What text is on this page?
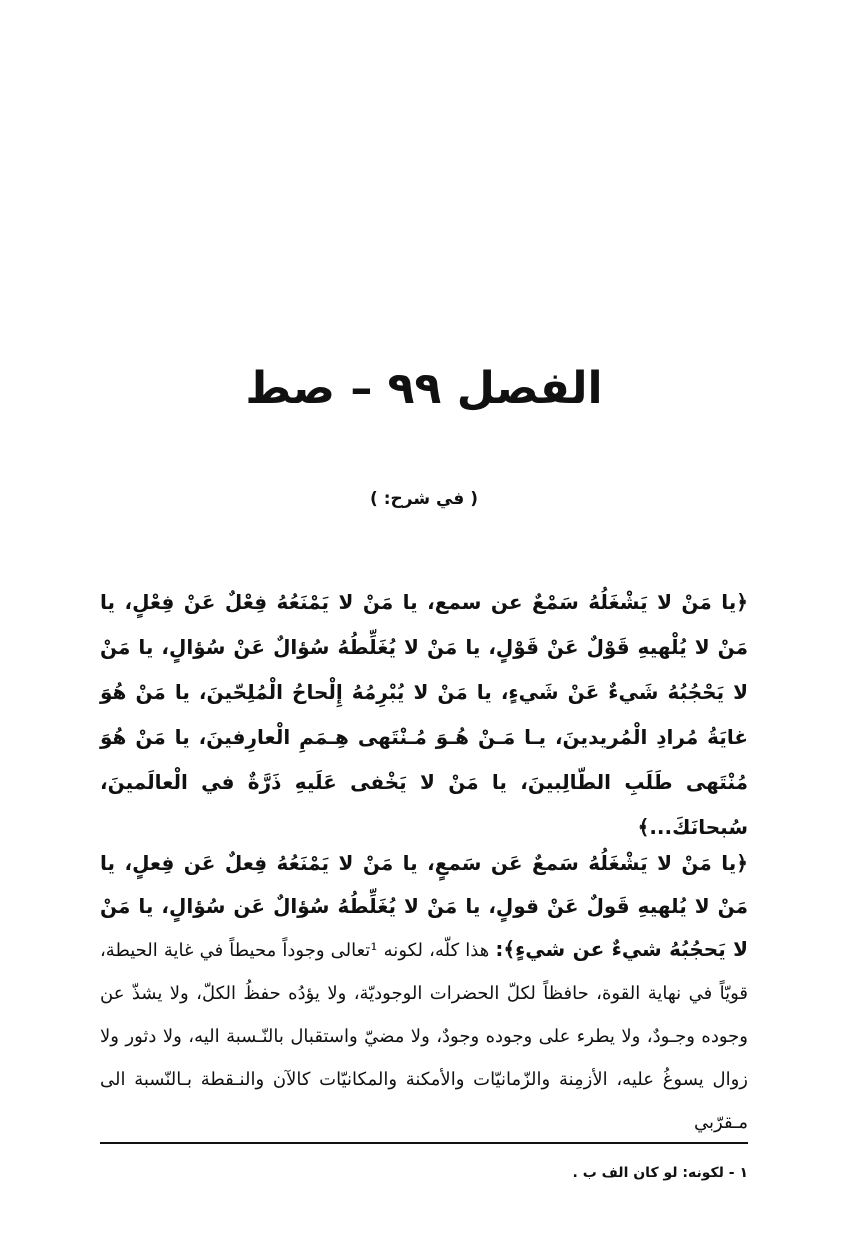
الفصل ٩٩ – صط
( في شرح: )

﴿يا مَنْ لا يَشْغَلُهُ سَمْعٌ عن سمع، يا مَنْ لا يَمْنَعُهُ فِعْلٌ عَنْ فِعْلٍ، يا مَنْ لا يُلْهيهِ قَوْلٌ عَنْ قَوْلٍ، يا مَنْ لا يُغَلِّطُهُ سُؤالٌ عَنْ سُؤالٍ، يا مَنْ لا يَحْجُبُهُ شَيءٌ عَنْ شَيءٍ، يا مَنْ لا يُبْرِمُهُ إِلْحاحُ الْمُلِحّينَ، يا مَنْ هُوَ غايَةُ مُرادِ الْمُريدينَ، يـا مَـنْ هُـوَ مُـنْتَهى هِـمَمِ الْعارِفينَ، يا مَنْ هُوَ مُنْتَهى طَلَبِ الطّالِبينَ، يا مَنْ لا يَخْفى عَلَيهِ ذَرَّةٌ في الْعالَمينَ، سُبحانَكَ...﴾

﴿يا مَنْ لا يَشْغَلُهُ سَمعٌ عَن سَمعٍ، يا مَنْ لا يَمْنَعُهُ فِعلٌ عَن فِعلٍ، يا مَنْ لا يُلهيهِ قَولٌ عَنْ قولٍ، يا مَنْ لا يُغَلِّطُهُ سُؤالٌ عَن سُؤالٍ، يا مَنْ لا يَحجُبُهُ شيءٌ عن شيءٍ﴾: هذا كلّه، لكونه ¹تعالى وجوداً محيطاً في غاية الحيطة، قويّاً في نهاية القوة، حافظاً لكلّ الحضرات الوجوديّة، ولا يؤدُه حفظُ الكلّ، ولا يشذّ عن وجوده وجـودٌ، ولا يطرء على وجوده وجودٌ، ولا مضيّ واستقبال بالنّـسبة اليه، ولا دثور ولا زوال يسوغُ عليه، الأزمِنة والزّمانيّات والأمكنة والمكانيّات كالآن والنـقطة بـالنّسبة الى مـقرّبي

١ - لكونه: لو كان الف ب .
